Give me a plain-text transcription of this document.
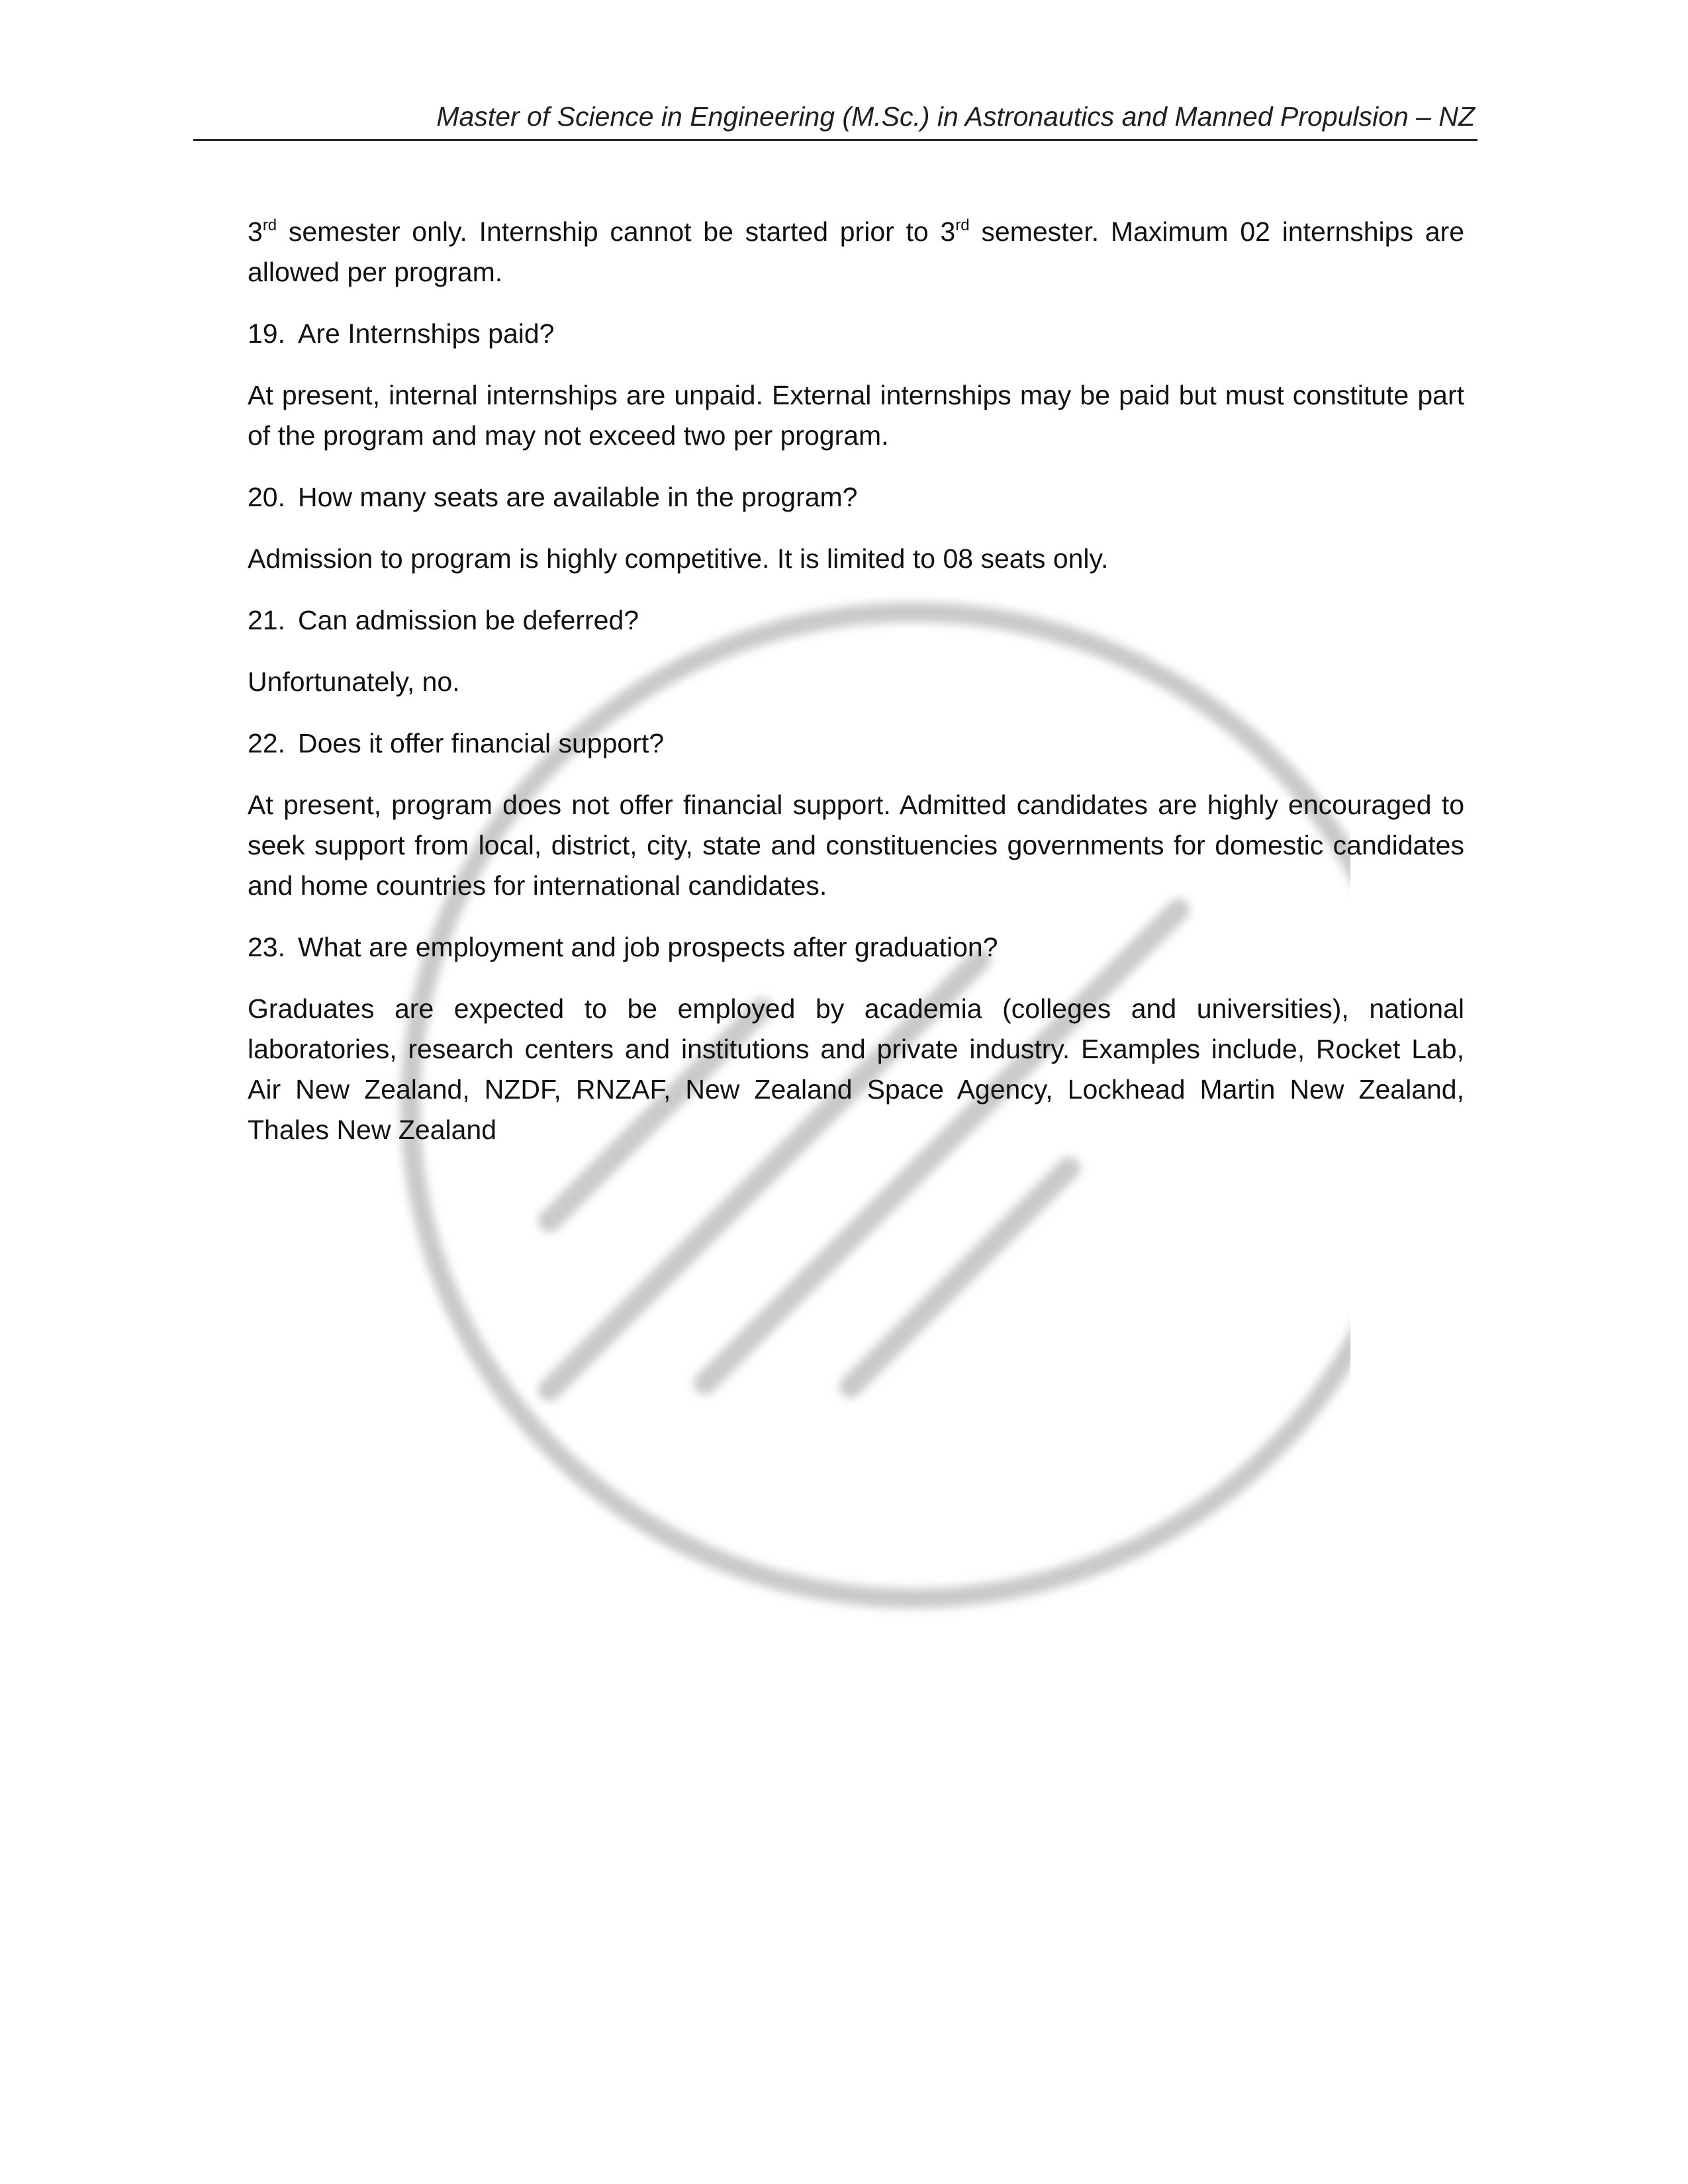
Master of Science in Engineering (M.Sc.) in Astronautics and Manned Propulsion – NZ

3rd semester only. Internship cannot be started prior to 3rd semester. Maximum 02 internships are allowed per program.

19. Are Internships paid?

At present, internal internships are unpaid. External internships may be paid but must constitute part of the program and may not exceed two per program.

20. How many seats are available in the program?

Admission to program is highly competitive. It is limited to 08 seats only.

21. Can admission be deferred?

Unfortunately, no.

22. Does it offer financial support?

At present, program does not offer financial support. Admitted candidates are highly encouraged to seek support from local, district, city, state and constituencies governments for domestic candidates and home countries for international candidates.

23. What are employment and job prospects after graduation?

Graduates are expected to be employed by academia (colleges and universities), national laboratories, research centers and institutions and private industry. Examples include, Rocket Lab, Air New Zealand, NZDF, RNZAF, New Zealand Space Agency, Lockhead Martin New Zealand, Thales New Zealand
